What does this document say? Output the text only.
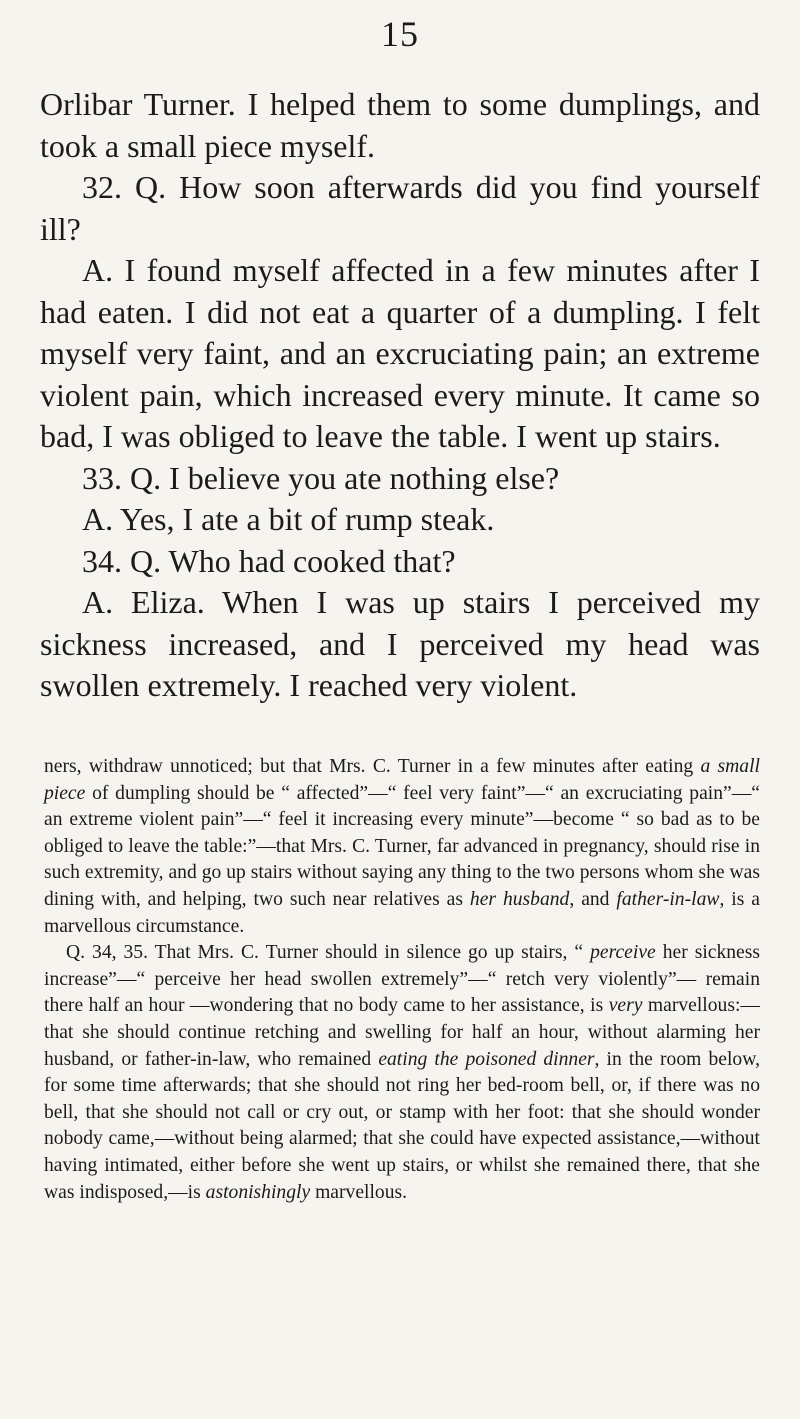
15

Orlibar Turner. I helped them to some dumplings, and took a small piece myself.

32. Q. How soon afterwards did you find yourself ill?

A. I found myself affected in a few minutes after I had eaten. I did not eat a quarter of a dumpling. I felt myself very faint, and an excruciating pain; an extreme violent pain, which increased every minute. It came so bad, I was obliged to leave the table. I went up stairs.

33. Q. I believe you ate nothing else?

A. Yes, I ate a bit of rump steak.

34. Q. Who had cooked that?

A. Eliza. When I was up stairs I perceived my sickness increased, and I perceived my head was swollen extremely. I reached very violent.

ners, withdraw unnoticed; but that Mrs. C. Turner in a few minutes after eating a small piece of dumpling should be “ affected”—“ feel very faint”—“ an excruciating pain”—“ an extreme violent pain”—“ feel it increasing every minute”—become “ so bad as to be obliged to leave the table:”—that Mrs. C. Turner, far advanced in pregnancy, should rise in such extremity, and go up stairs without saying any thing to the two persons whom she was dining with, and helping, two such near relatives as her husband, and father-in-law, is a marvellous circumstance.

Q. 34, 35. That Mrs. C. Turner should in silence go up stairs, “ perceive her sickness increase”—“ perceive her head swollen extremely”—“ retch very violently”— remain there half an hour —wondering that no body came to her assistance, is very marvellous:—that she should continue retching and swelling for half an hour, without alarming her husband, or father-in-law, who remained eating the poisoned dinner, in the room below, for some time afterwards; that she should not ring her bed-room bell, or, if there was no bell, that she should not call or cry out, or stamp with her foot: that she should wonder nobody came,—without being alarmed; that she could have expected assistance,—without having intimated, either before she went up stairs, or whilst she remained there, that she was indisposed,—is astonishingly marvellous.
